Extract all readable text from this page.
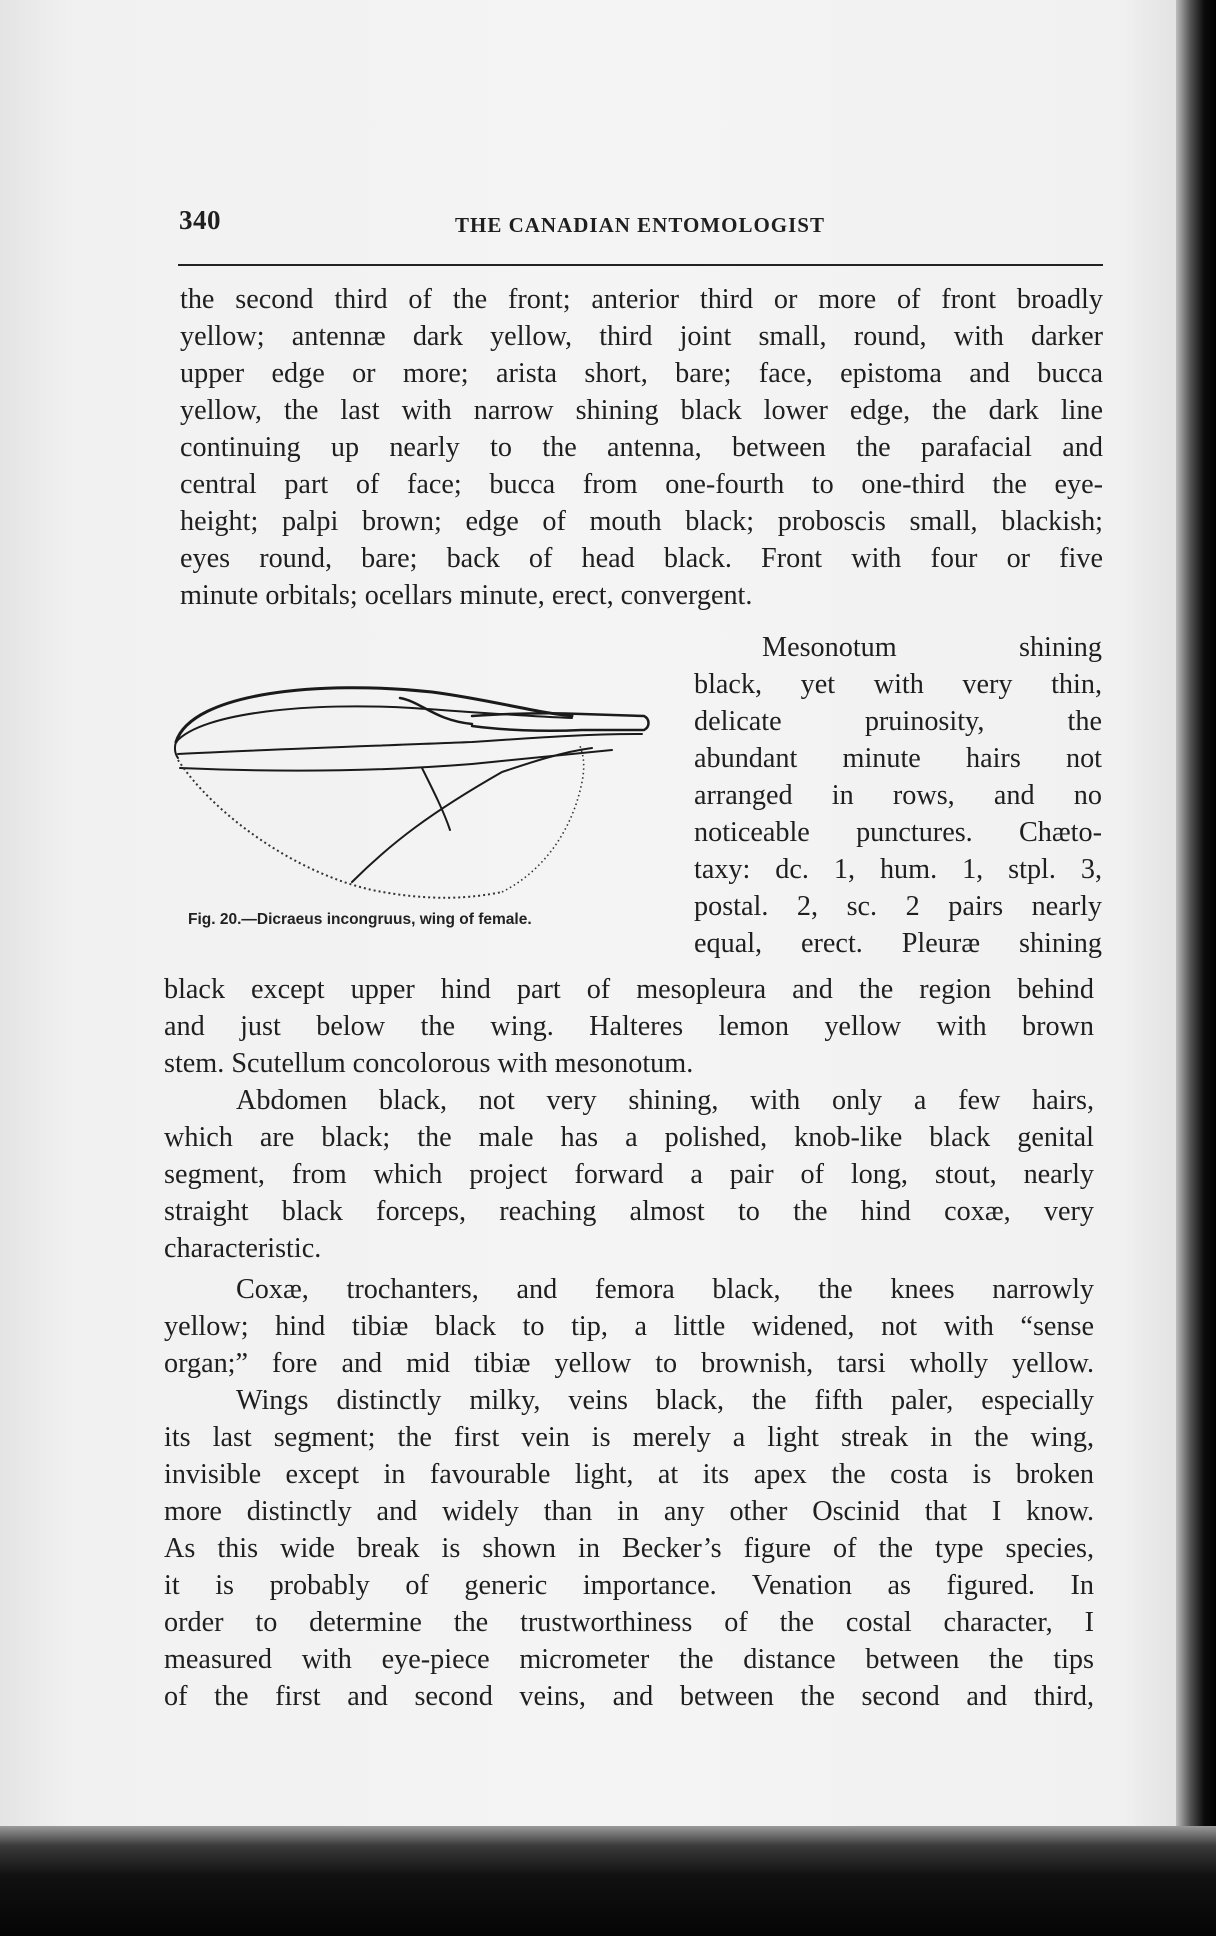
340	THE CANADIAN ENTOMOLOGIST
the second third of the front; anterior third or more of front broadly
yellow; antennæ dark yellow, third joint small, round, with darker
upper edge or more; arista short, bare; face, epistoma and bucca
yellow, the last with narrow shining black lower edge, the dark line
continuing up nearly to the antenna, between the parafacial and
central part of face; bucca from one-fourth to one-third the eye-
height; palpi brown; edge of mouth black; proboscis small, blackish;
eyes round, bare; back of head black. Front with four or five
minute orbitals; ocellars minute, erect, convergent.
Fig. 20.—Dicraeus incongruus, wing of female.
Mesonotum shining
black, yet with very thin,
delicate pruinosity, the
abundant minute hairs not
arranged in rows, and no
noticeable punctures. Chæto-
taxy: dc. 1, hum. 1, stpl. 3,
postal. 2, sc. 2 pairs nearly
equal, erect. Pleuræ shining
black except upper hind part of mesopleura and the region behind
and just below the wing. Halteres lemon yellow with brown
stem. Scutellum concolorous with mesonotum.
Abdomen black, not very shining, with only a few hairs,
which are black; the male has a polished, knob-like black genital
segment, from which project forward a pair of long, stout, nearly
straight black forceps, reaching almost to the hind coxæ, very
characteristic.
Coxæ, trochanters, and femora black, the knees narrowly
yellow; hind tibiæ black to tip, a little widened, not with “sense
organ;” fore and mid tibiæ yellow to brownish, tarsi wholly yellow.
Wings distinctly milky, veins black, the fifth paler, especially
its last segment; the first vein is merely a light streak in the wing,
invisible except in favourable light, at its apex the costa is broken
more distinctly and widely than in any other Oscinid that I know.
As this wide break is shown in Becker’s figure of the type species,
it is probably of generic importance. Venation as figured. In
order to determine the trustworthiness of the costal character, I
measured with eye-piece micrometer the distance between the tips
of the first and second veins, and between the second and third,
